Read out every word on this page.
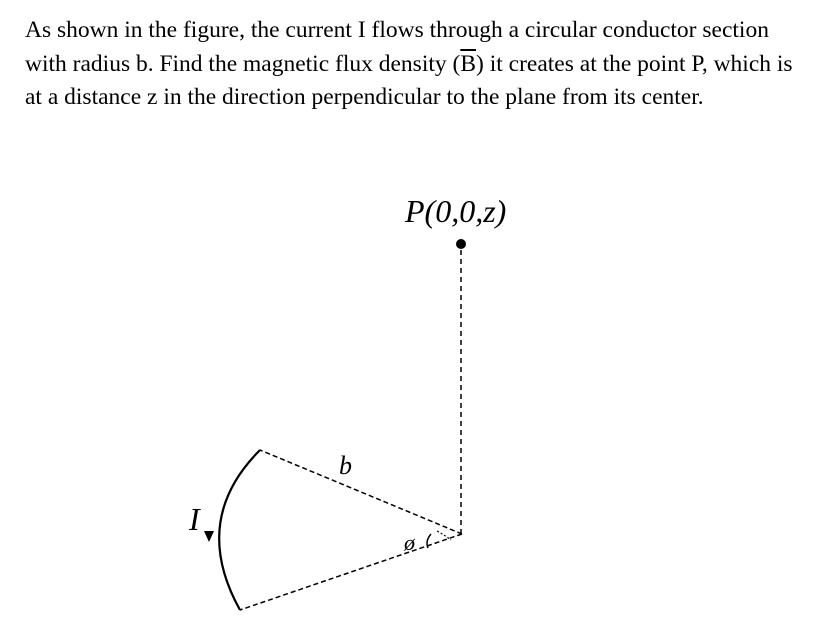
As shown in the figure, the current I flows through a circular conductor section with radius b. Find the magnetic flux density $(\overline{B})$ it creates at the point P, which is at a distance z in the direction perpendicular to the plane from its center.

P(0,0,z)
b
I
ø
